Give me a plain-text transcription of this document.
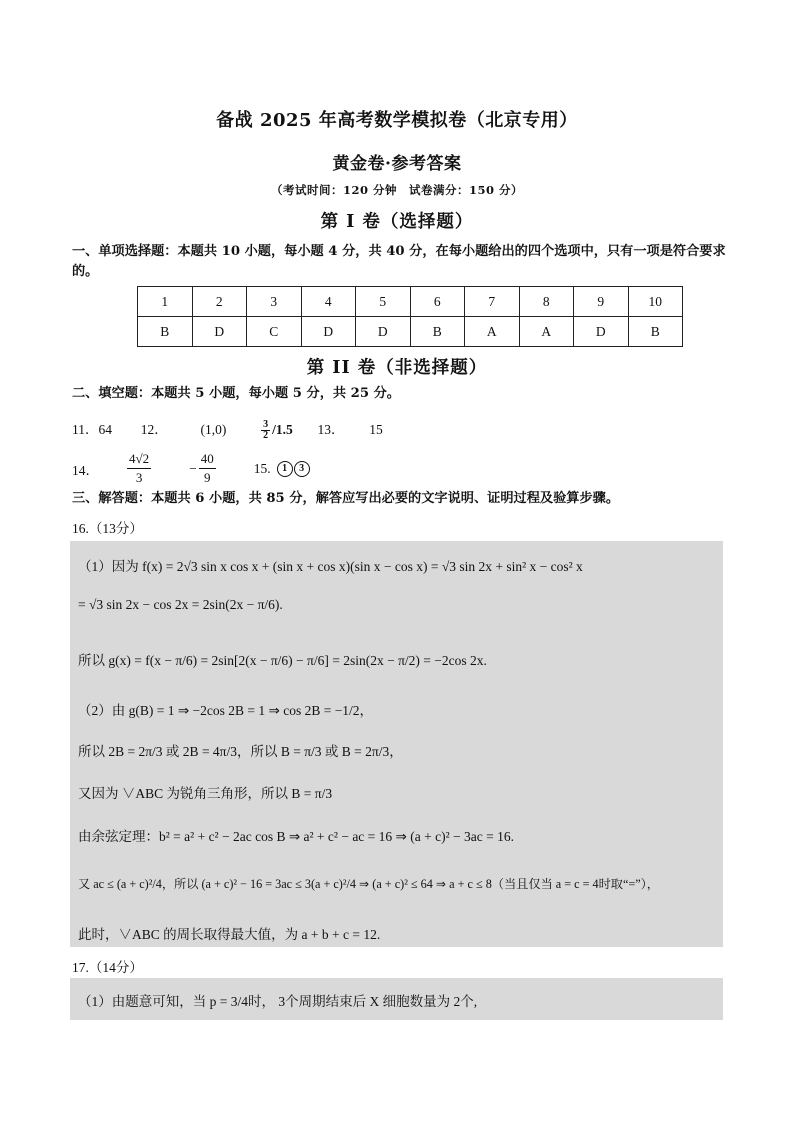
备战 2025 年高考数学模拟卷（北京专用）
黄金卷·参考答案
（考试时间：120 分钟　试卷满分：150 分）
第 I 卷（选择题）
一、单项选择题：本题共 10 小题，每小题 4 分，共 40 分，在每小题给出的四个选项中，只有一项是符合要求的。
1	2	3	4	5	6	7	8	9	10
B	D	C	D	D	B	A	A	D	B
第 II 卷（非选择题）
二、填空题：本题共 5 小题，每小题 5 分，共 25 分。
11．64 12． (1,0)	$\frac{3}{2} /1.5$ 13． 15
14． $\frac{4√2}{3}$	− $\frac{40}{9}$	15.	1	3
三、解答题：本题共 6 小题，共 85 分，解答应写出必要的文字说明、证明过程及验算步骤。
16.（13分）
（1）因为 f(x) = 2√3 sin x cos x + (sin x + cos x)(sin x − cos x) = √3 sin 2x + sin² x − cos² x
= √3 sin 2x − cos 2x = 2sin(2x − π/6).
所以 g(x) = f(x − π/6) = 2sin[2(x − π/6) − π/6] = 2sin(2x − π/2) = −2cos 2x.
（2）由 g(B) = 1 ⇒ −2cos 2B = 1 ⇒ cos 2B = −1/2，
所以 2B = 2π/3 或 2B = 4π/3，所以 B = π/3 或 B = 2π/3，
又因为 ∨ABC 为锐角三角形，所以 B = π/3
由余弦定理：b² = a² + c² − 2ac cos B ⇒ a² + c² − ac = 16 ⇒ (a + c)² − 3ac = 16.
又 ac ≤ (a + c)²/4，所以 (a + c)² − 16 = 3ac ≤ 3(a + c)²/4 ⇒ (a + c)² ≤ 64 ⇒ a + c ≤ 8（当且仅当 a = c = 4时取“=”），
此时，∨ABC 的周长取得最大值，为 a + b + c = 12.
17.（14分）
（1）由题意可知，当 p = 3/4时， 3个周期结束后 X 细胞数量为 2个,
